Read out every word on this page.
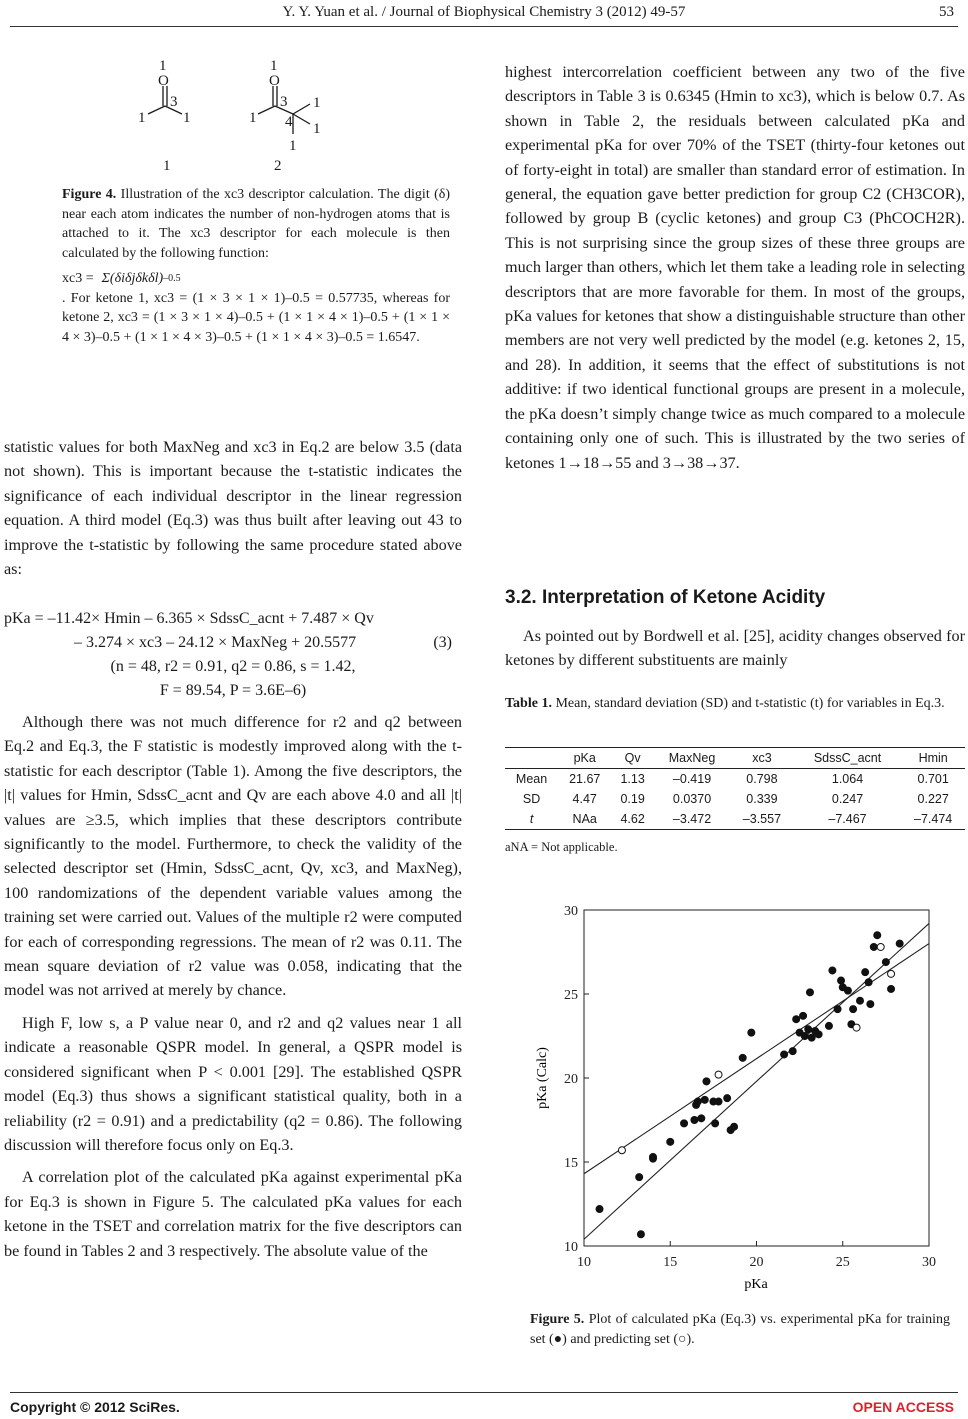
Y. Y. Yuan et al. / Journal of Biophysical Chemistry 3 (2012) 49-57	53
1
O
3
1	1
1
1
O
3
1 4
1
1
1
2
Figure 4. Illustration of the xc3 descriptor calculation. The digit (δ) near each atom indicates the number of non-hydrogen atoms that is attached to it. The xc3 descriptor for each molecule is then calculated by the following function:
xc3 = Σ(δiδjδkδl) –0.5
. For ketone 1, xc3 = (1 × 3 × 1 × 1)–0.5 = 0.57735, whereas for ketone 2, xc3 = (1 × 3 × 1 × 4)–0.5 + (1 × 1 × 4 × 1)–0.5 + (1 × 1 × 4 × 3)–0.5 + (1 × 1 × 4 × 3)–0.5 + (1 × 1 × 4 × 3)–0.5 = 1.6547.

statistic values for both MaxNeg and xc3 in Eq.2 are below 3.5 (data not shown). This is important because the t-statistic indicates the significance of each individual descriptor in the linear regression equation. A third model (Eq.3) was thus built after leaving out 43 to improve the t-statistic by following the same procedure stated above as:

pKa = –11.42× Hmin – 6.365 × SdssC_acnt + 7.487 × Qv
– 3.274 × xc3 – 24.12 × MaxNeg + 20.5577	(3)
(n = 48, r2 = 0.91, q2 = 0.86, s = 1.42,
F = 89.54, P = 3.6E–6)

Although there was not much difference for r2 and q2 between Eq.2 and Eq.3, the F statistic is modestly improved along with the t-statistic for each descriptor (Table 1). Among the five descriptors, the |t| values for Hmin, SdssC_acnt and Qv are each above 4.0 and all |t| values are ≥3.5, which implies that these descriptors contribute significantly to the model. Furthermore, to check the validity of the selected descriptor set (Hmin, SdssC_acnt, Qv, xc3, and MaxNeg), 100 randomizations of the dependent variable values among the training set were carried out. Values of the multiple r2 were computed for each of corresponding regressions. The mean of r2 was 0.11. The mean square deviation of r2 value was 0.058, indicating that the model was not arrived at merely by chance.

High F, low s, a P value near 0, and r2 and q2 values near 1 all indicate a reasonable QSPR model. In general, a QSPR model is considered significant when P < 0.001 [29]. The established QSPR model (Eq.3) thus shows a significant statistical quality, both in a reliability (r2 = 0.91) and a predictability (q2 = 0.86). The following discussion will therefore focus only on Eq.3.

A correlation plot of the calculated pKa against experimental pKa for Eq.3 is shown in Figure 5. The calculated pKa values for each ketone in the TSET and correlation matrix for the five descriptors can be found in Tables 2 and 3 respectively. The absolute value of the

highest intercorrelation coefficient between any two of the five descriptors in Table 3 is 0.6345 (Hmin to xc3), which is below 0.7. As shown in Table 2, the residuals between calculated pKa and experimental pKa for over 70% of the TSET (thirty-four ketones out of forty-eight in total) are smaller than standard error of estimation. In general, the equation gave better prediction for group C2 (CH3COR), followed by group B (cyclic ketones) and group C3 (PhCOCH2R). This is not surprising since the group sizes of these three groups are much larger than others, which let them take a leading role in selecting descriptors that are more favorable for them. In most of the groups, pKa values for ketones that show a distinguishable structure than other members are not very well predicted by the model (e.g. ketones 2, 15, and 28). In addition, it seems that the effect of substitutions is not additive: if two identical functional groups are present in a molecule, the pKa doesn’t simply change twice as much compared to a molecule containing only one of such. This is illustrated by the two series of ketones 1→18→55 and 3→38→37.

3.2. Interpretation of Ketone Acidity

As pointed out by Bordwell et al. [25], acidity changes observed for ketones by different substituents are mainly

Table 1. Mean, standard deviation (SD) and t-statistic (t) for variables in Eq.3.
	pKa	Qv	MaxNeg	xc3	SdssC_acnt	Hmin
Mean	21.67	1.13	–0.419	0.798	1.064	0.701
SD	4.47	0.19	0.0370	0.339	0.247	0.227
t	NAa	4.62	–3.472	–3.557	–7.467	–7.474
aNA = Not applicable.
10	15	20	25	30
10
15
20
25
30
pKa
pKa (Calc)
Figure 5. Plot of calculated pKa (Eq.3) vs. experimental pKa for training set (●) and predicting set (○).
Copyright © 2012 SciRes.	OPEN ACCESS
